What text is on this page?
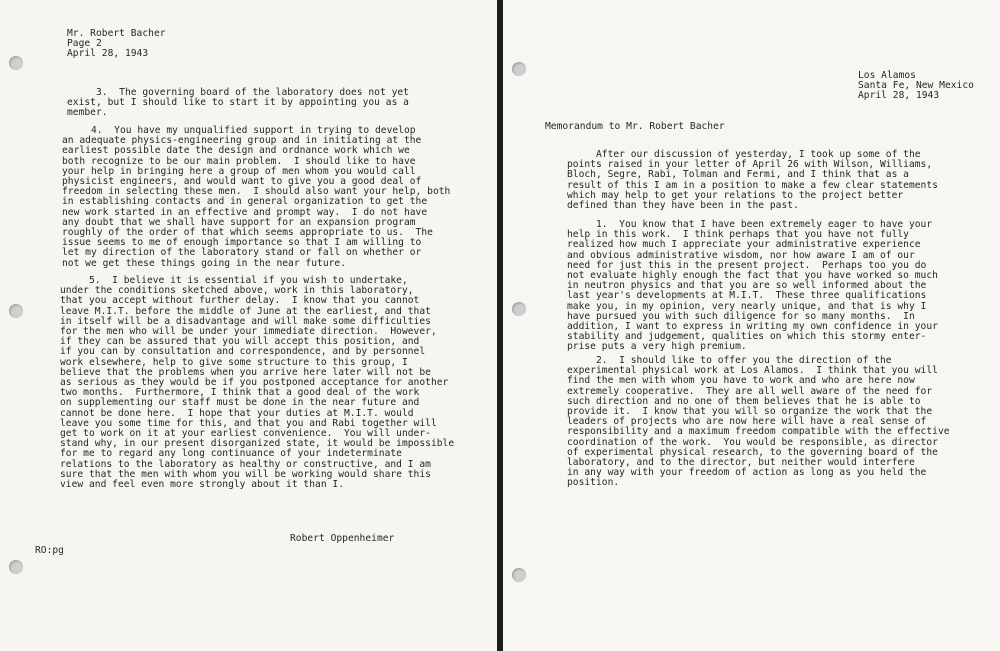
Mr. Robert Bacher
Page 2
April 28, 1943
3.  The governing board of the laboratory does not yet
exist, but I should like to start it by appointing you as a
member.
4.  You have my unqualified support in trying to develop
an adequate physics-engineering group and in initiating at the
earliest possible date the design and ordnance work which we
both recognize to be our main problem.  I should like to have
your help in bringing here a group of men whom you would call
physicist engineers, and would want to give you a good deal of
freedom in selecting these men.  I should also want your help, both
in establishing contacts and in general organization to get the
new work started in an effective and prompt way.  I do not have
any doubt that we shall have support for an expansion program
roughly of the order of that which seems appropriate to us.  The
issue seems to me of enough importance so that I am willing to
let my direction of the laboratory stand or fall on whether or
not we get these things going in the near future.
5.  I believe it is essential if you wish to undertake,
under the conditions sketched above, work in this laboratory,
that you accept without further delay.  I know that you cannot
leave M.I.T. before the middle of June at the earliest, and that
in itself will be a disadvantage and will make some difficulties
for the men who will be under your immediate direction.  However,
if they can be assured that you will accept this position, and
if you can by consultation and correspondence, and by personnel
work elsewhere, help to give some structure to this group, I
believe that the problems when you arrive here later will not be
as serious as they would be if you postponed acceptance for another
two months.  Furthermore, I think that a good deal of the work
on supplementing our staff must be done in the near future and
cannot be done here.  I hope that your duties at M.I.T. would
leave you some time for this, and that you and Rabi together will
get to work on it at your earliest convenience.  You will under-
stand why, in our present disorganized state, it would be impossible
for me to regard any long continuance of your indeterminate
relations to the laboratory as healthy or constructive, and I am
sure that the men with whom you will be working would share this
view and feel even more strongly about it than I.
Robert Oppenheimer
RO:pg
Los Alamos
Santa Fe, New Mexico
April 28, 1943
Memorandum to Mr. Robert Bacher
After our discussion of yesterday, I took up some of the
points raised in your letter of April 26 with Wilson, Williams,
Bloch, Segre, Rabi, Tolman and Fermi, and I think that as a
result of this I am in a position to make a few clear statements
which may help to get your relations to the project better
defined than they have been in the past.
1.  You know that I have been extremely eager to have your
help in this work.  I think perhaps that you have not fully
realized how much I appreciate your administrative experience
and obvious administrative wisdom, nor how aware I am of our
need for just this in the present project.  Perhaps too you do
not evaluate highly enough the fact that you have worked so much
in neutron physics and that you are so well informed about the
last year's developments at M.I.T.  These three qualifications
make you, in my opinion, very nearly unique, and that is why I
have pursued you with such diligence for so many months.  In
addition, I want to express in writing my own confidence in your
stability and judgement, qualities on which this stormy enter-
prise puts a very high premium.
2.  I should like to offer you the direction of the
experimental physical work at Los Alamos.  I think that you will
find the men with whom you have to work and who are here now
extremely cooperative.  They are all well aware of the need for
such direction and no one of them believes that he is able to
provide it.  I know that you will so organize the work that the
leaders of projects who are now here will have a real sense of
responsibility and a maximum freedom compatible with the effective
coordination of the work.  You would be responsible, as director
of experimental physical research, to the governing board of the
laboratory, and to the director, but neither would interfere
in any way with your freedom of action as long as you held the
position.
